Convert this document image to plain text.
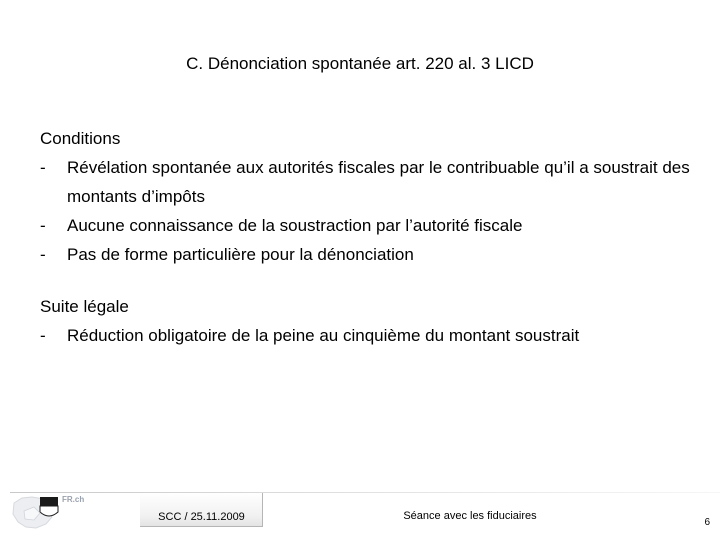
C. Dénonciation spontanée art. 220 al. 3 LICD
Conditions
- Révélation spontanée aux autorités fiscales par le contribuable qu’il a soustrait des montants d’impôts
- Aucune connaissance de la soustraction par l’autorité fiscale
- Pas de forme particulière pour la dénonciation
Suite légale
- Réduction obligatoire de la peine au cinquième du montant soustrait
FR.ch
SCC / 25.11.2009	Séance avec les fiduciaires
6
